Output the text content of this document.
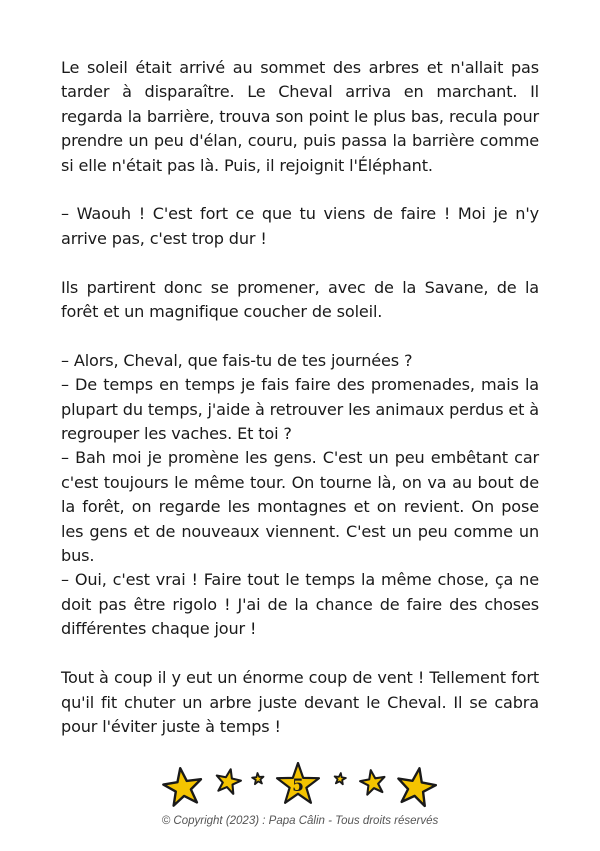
Le soleil était arrivé au sommet des arbres et n'allait pas tarder à disparaître. Le Cheval arriva en marchant. Il regarda la barrière, trouva son point le plus bas, recula pour prendre un peu d'élan, couru, puis passa la barrière comme si elle n'était pas là. Puis, il rejoignit l'Éléphant.

– Waouh ! C'est fort ce que tu viens de faire ! Moi je n'y arrive pas, c'est trop dur !

Ils partirent donc se promener, avec de la Savane, de la forêt et un magnifique coucher de soleil.

– Alors, Cheval, que fais-tu de tes journées ?

– De temps en temps je fais faire des promenades, mais la plupart du temps, j'aide à retrouver les animaux perdus et à regrouper les vaches. Et toi ?

– Bah moi je promène les gens. C'est un peu embêtant car c'est toujours le même tour. On tourne là, on va au bout de la forêt, on regarde les montagnes et on revient. On pose les gens et de nouveaux viennent. C'est un peu comme un bus.

– Oui, c'est vrai ! Faire tout le temps la même chose, ça ne doit pas être rigolo ! J'ai de la chance de faire des choses différentes chaque jour !

Tout à coup il y eut un énorme coup de vent ! Tellement fort qu'il fit chuter un arbre juste devant le Cheval. Il se cabra pour l'éviter juste à temps !

5
© Copyright (2023) : Papa Câlin - Tous droits réservés
